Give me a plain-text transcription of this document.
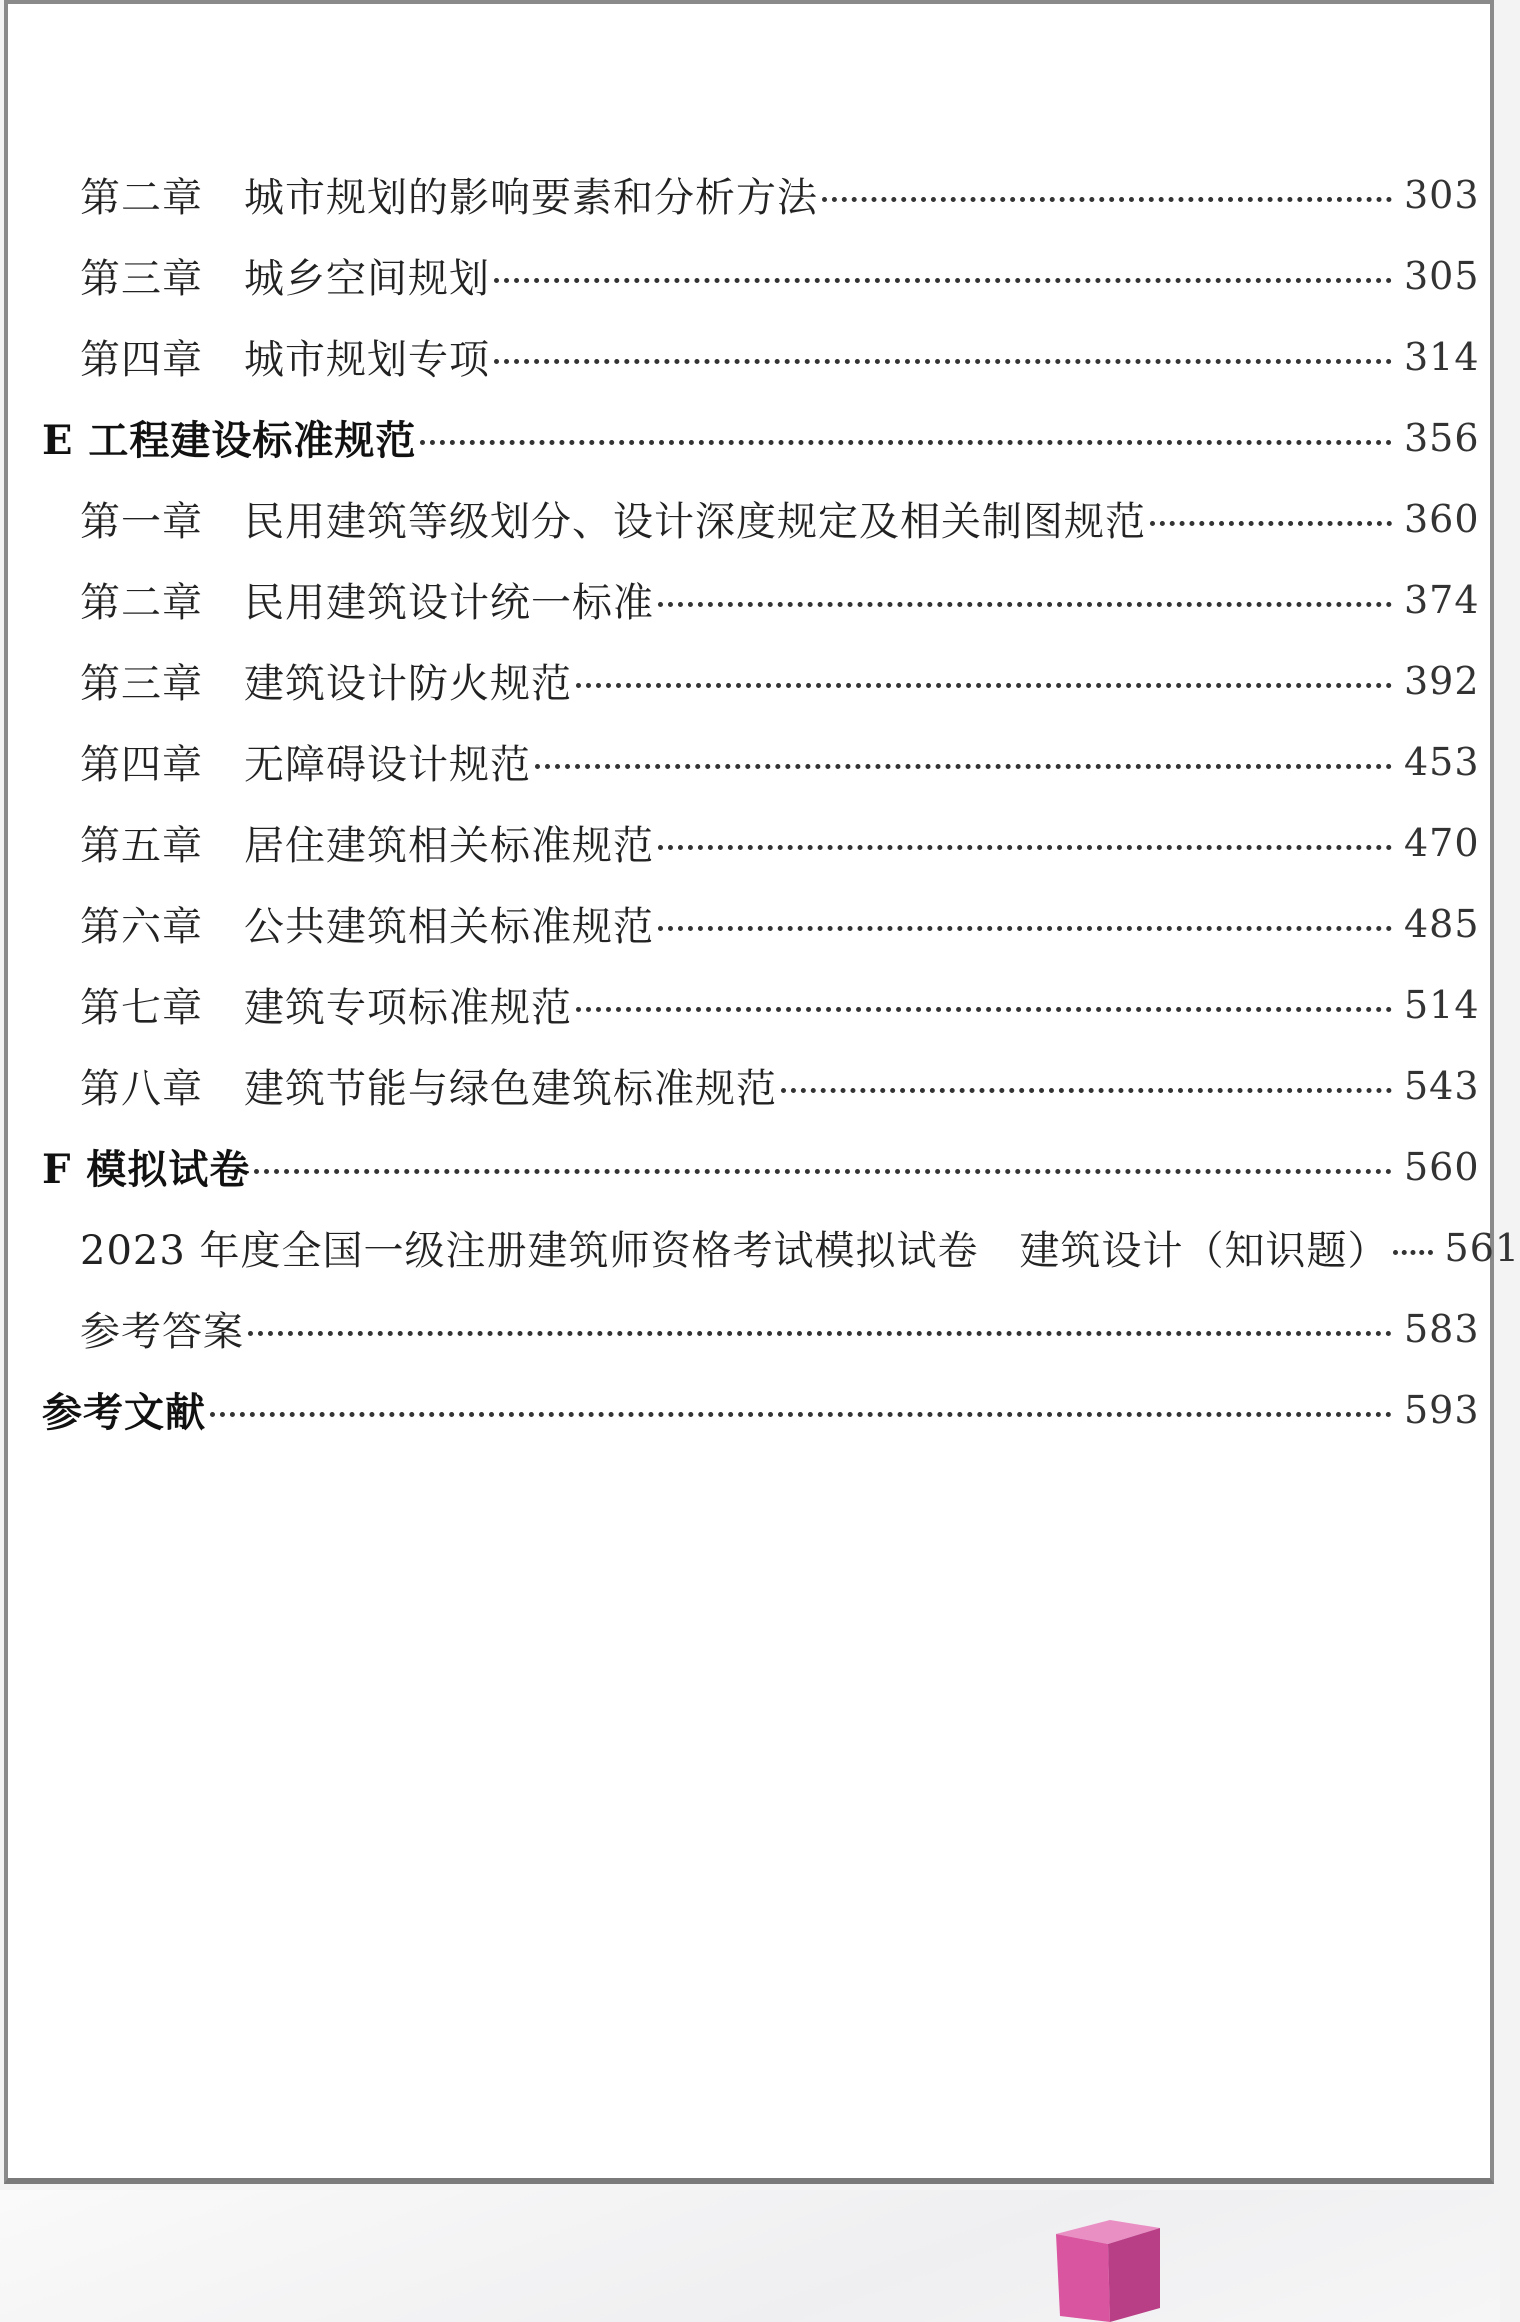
第二章　城市规划的影响要素和分析方法	303
第三章　城乡空间规划	305
第四章　城市规划专项	314
E 工程建设标准规范	356
第一章　民用建筑等级划分、设计深度规定及相关制图规范	360
第二章　民用建筑设计统一标准	374
第三章　建筑设计防火规范	392
第四章　无障碍设计规范	453
第五章　居住建筑相关标准规范	470
第六章　公共建筑相关标准规范	485
第七章　建筑专项标准规范	514
第八章　建筑节能与绿色建筑标准规范	543
F 模拟试卷	560
2023 年度全国一级注册建筑师资格考试模拟试卷　建筑设计（知识题） 561
参考答案	583
参考文献	593
